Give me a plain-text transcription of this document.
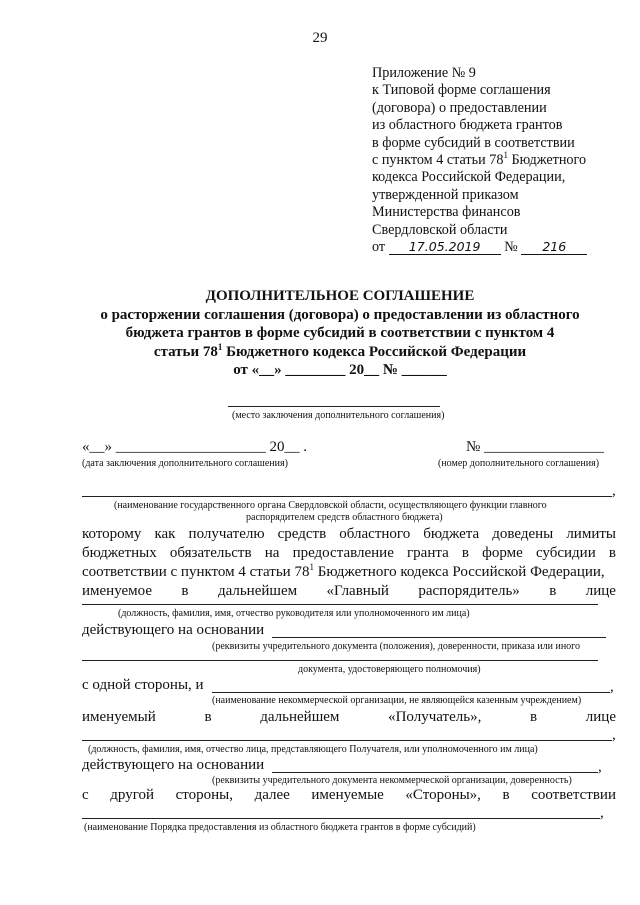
29
Приложение № 9
к Типовой форме соглашения
(договора) о предоставлении
из областного бюджета грантов
в форме субсидий в соответствии
с пунктом 4 статьи $78^1$ Бюджетного
кодекса Российской Федерации,
утвержденной приказом
Министерства финансов
Свердловской области
от 17.05.2019 № 216
ДОПОЛНИТЕЛЬНОЕ СОГЛАШЕНИЕ
о расторжении соглашения (договора) о предоставлении из областного
бюджета грантов в форме субсидий в соответствии с пунктом 4
статьи $78^1$ Бюджетного кодекса Российской Федерации
от «__» ________ 20__ № ______
(место заключения дополнительного соглашения)
«__» ____________________ 20__ .	№ ________________
(дата заключения дополнительного соглашения)	(номер дополнительного соглашения)
,
(наименование государственного органа Свердловской области, осуществляющего функции главного
распорядителем средств областного бюджета)
которому как получателю средств областного бюджета доведены лимиты
бюджетных обязательств на предоставление гранта в форме субсидии в
соответствии с пунктом 4 статьи $78^1$ Бюджетного кодекса Российской Федерации,
именуемое в дальнейшем «Главный распорядитель» в лице
(должность, фамилия, имя, отчество руководителя или уполномоченного им лица)
действующего на основании
(реквизиты учредительного документа (положения), доверенности, приказа или иного
документа, удостоверяющего полномочия)
с одной стороны, и	,
(наименование некоммерческой организации, не являющейся казенным учреждением)
именуемый	в	дальнейшем	«Получатель»,	в	лице
,
(должность, фамилия, имя, отчество лица, представляющего Получателя, или уполномоченного им лица)
действующего на основании	,
(реквизиты учредительного документа некоммерческой организации, доверенность)
с другой стороны, далее именуемые «Стороны», в соответствии
,
(наименование Порядка предоставления из областного бюджета грантов в форме субсидий)
